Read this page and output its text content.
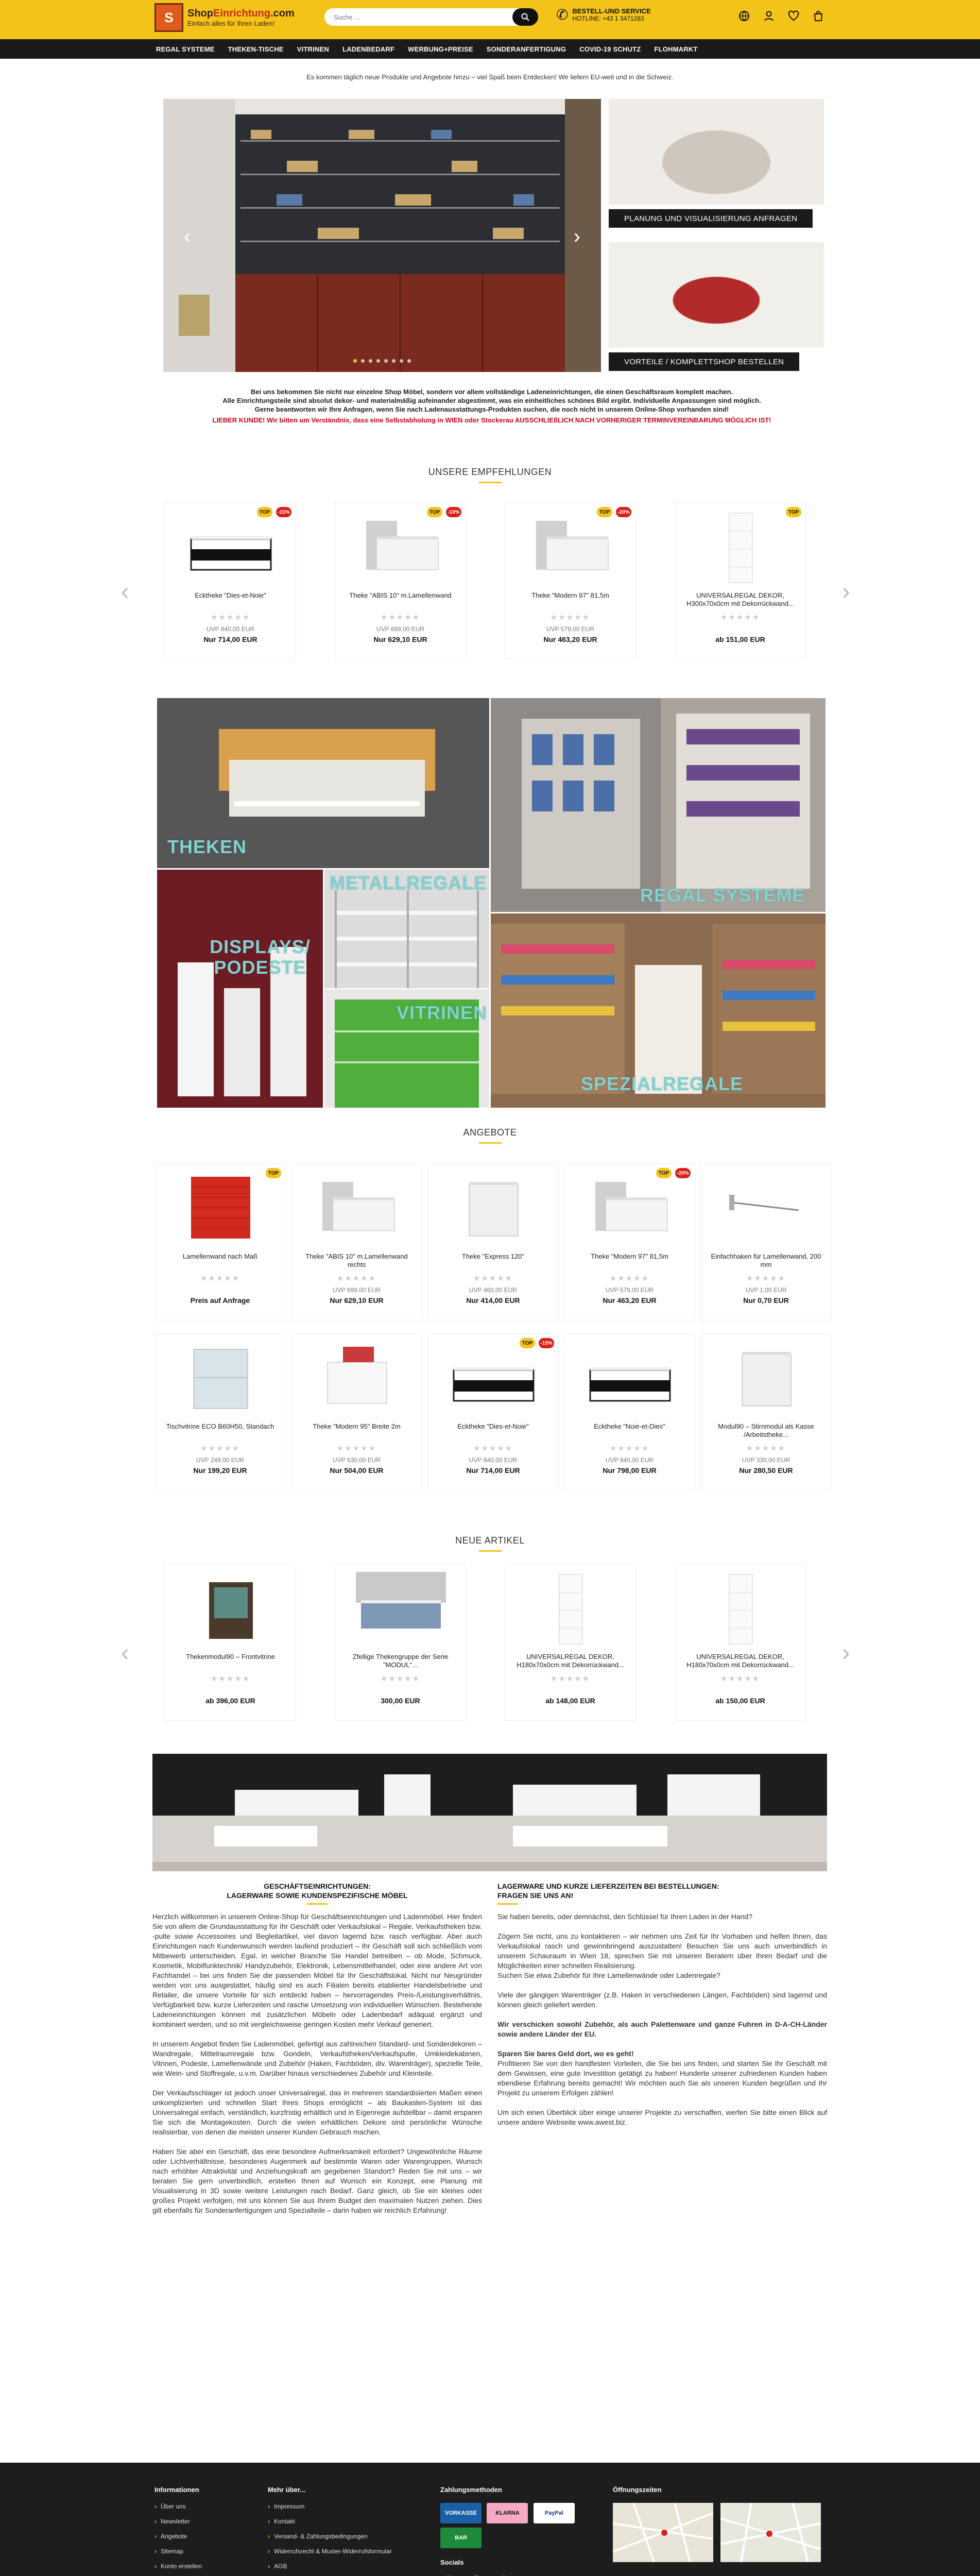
S	ShopEinrichtung.com
Einfach alles für Ihren Laden!
Suche ...
✆ BESTELL-UND SERVICE
HOTLINE: +43 1 3471283
REGAL SYSTEME	THEKEN-TISCHE	VITRINEN	LADENBEDARF	WERBUNG+PREISE	SONDERANFERTIGUNG	COVID-19 SCHUTZ	FLOHMARKT
Es kommen täglich neue Produkte und Angebote hinzu – viel Spaß beim Entdecken! Wir liefern EU-weit und in die Schweiz.
‹	›
PLANUNG UND VISUALISIERUNG ANFRAGEN
VORTEILE / KOMPLETTSHOP BESTELLEN
Bei uns bekommen Sie nicht nur einzelne Shop Möbel, sondern vor allem vollständige Ladeneinrichtungen, die einen Geschäftsraum komplett machen.
Alle Einrichtungsteile sind absolut dekor- und materialmäßig aufeinander abgestimmt, was ein einheitliches schönes Bild ergibt. Individuelle Anpassungen sind möglich.
Gerne beantworten wir Ihre Anfragen, wenn Sie nach Ladenausstattungs-Produkten suchen, die noch nicht in unserem Online-Shop vorhanden sind!
LIEBER KUNDE! Wir bitten um Verständnis, dass eine Selbstabholung in WIEN oder Stockerau AUSSCHLIEßLICH NACH VORHERIGER TERMINVEREINBARUNG MÖGLICH IST!
UNSERE EMPFEHLUNGEN
‹	›
TOP	-15%
Ecktheke "Dies-et-Noie"
★★★★★
UVP 840,00 EUR
Nur 714,00 EUR
TOP	-10%
Theke "ABIS 10" m.Lamellenwand
★★★★★
UVP 699,00 EUR
Nur 629,10 EUR
TOP	-20%
Theke "Modern 97" 81,5m
★★★★★
UVP 579,00 EUR
Nur 463,20 EUR
TOP
UNIVERSALREGAL DEKOR, H300x70x0cm mit Dekorrückwand...
★★★★★
ab 151,00 EUR
THEKEN
DISPLAYS/ PODESTE
METALLREGALE
VITRINEN
REGAL SYSTEME
SPEZIALREGALE
ANGEBOTE
TOP
Lamellenwand nach Maß
★★★★★
Preis auf Anfrage
Theke "ABIS 10" m.Lamellenwand rechts
★★★★★
UVP 699,00 EUR
Nur 629,10 EUR
Theke "Express 120"
★★★★★
UVP 460,00 EUR
Nur 414,00 EUR
TOP	-20%
Theke "Modern 97" 81,5m
★★★★★
UVP 579,00 EUR
Nur 463,20 EUR
Einfachhaken für Lamellenwand, 200 mm
★★★★★
UVP 1,00 EUR
Nur 0,70 EUR
Tischvitrine ECO B60H50, Standach
★★★★★
UVP 249,00 EUR
Nur 199,20 EUR
Theke "Modern 95" Breite 2m
★★★★★
UVP 630,00 EUR
Nur 504,00 EUR
TOP	-15%
Ecktheke "Dies-et-Noie"
★★★★★
UVP 840,00 EUR
Nur 714,00 EUR
Ecktheke "Noie-et-Dies"
★★★★★
UVP 840,00 EUR
Nur 798,00 EUR
Modul90 – Stirnmodul als Kasse /Arbeitstheke...
★★★★★
UVP 330,00 EUR
Nur 280,50 EUR
NEUE ARTIKEL
‹	›
Thekenmodul90 – Frontvitrine
★★★★★
ab 396,00 EUR
Zfellige Thekengruppe der Serie "MODUL"...
★★★★★
300,00 EUR
UNIVERSALREGAL DEKOR, H180x70x0cm mit Dekorrückwand...
★★★★★
ab 148,00 EUR
UNIVERSALREGAL DEKOR, H180x70x0cm mit Dekorrückwand...
★★★★★
ab 150,00 EUR
GESCHÄFTSEINRICHTUNGEN:
LAGERWARE SOWIE KUNDENSPEZIFISCHE MÖBEL

Herzlich willkommen in unserem Online-Shop für Geschäftseinrichtungen und Ladenmöbel. Hier finden Sie von allem die Grundausstattung für Ihr Geschäft oder Verkaufslokal – Regale, Verkaufstheken bzw. -pulte sowie Accessoires und Begleitartikel, viel davon lagernd bzw. rasch verfügbar. Aber auch Einrichtungen nach Kundenwunsch werden laufend produziert – Ihr Geschäft soll sich schließlich vom Mitbewerb unterscheiden. Egal, in welcher Branche Sie Handel betreiben – ob Mode, Schmuck, Kosmetik, Mobilfunktechnik/ Handyzubehör, Elektronik, Lebensmittelhandel, oder eine andere Art von Fachhandel – bei uns finden Sie die passenden Möbel für Ihr Geschäftslokal. Nicht nur Neugründer werden von uns ausgestattet, häufig sind es auch Filialen bereits etablierter Handelsbetriebe und Retailer, die unsere Vorteile für sich entdeckt haben – hervorragendes Preis-/Leistungsverhältnis, Verfügbarkeit bzw. kurze Lieferzeiten und rasche Umsetzung von individuellen Wünschen. Bestehende Ladeneinrichtungen können mit zusätzlichen Möbeln oder Ladenbedarf adäquat ergänzt und kombiniert werden, und so mit vergleichsweise geringen Kosten mehr Verkauf generiert.

In unserem Angebot finden Sie Ladenmöbel, gefertigt aus zahlreichen Standard- und Sonderdekoren – Wandregale, Mittelraumregale bzw. Gondeln, Verkaufstheken/Verkaufspulte, Umkleidekabinen, Vitrinen, Podeste, Lamellenwände und Zubehör (Haken, Fachböden, div. Warenträger), spezielle Teile, wie Wein- und Stoffregale, u.v.m. Darüber hinaus verschiedenes Zubehör und Kleinteile.

Der Verkaufsschlager ist jedoch unser Universalregal, das in mehreren standardisierten Maßen einen unkomplizierten und schnellen Start Ihres Shops ermöglicht – als Baukasten-System ist das Universalregal einfach, verständlich, kurzfristig erhältlich und in Eigenregie aufstellbar – damit ersparen Sie sich die Montagekosten. Durch die vielen erhältlichen Dekore sind persönliche Wünsche realisierbar, von denen die meisten unserer Kunden Gebrauch machen.

Haben Sie aber ein Geschäft, das eine besondere Aufmerksamkeit erfordert? Ungewöhnliche Räume oder Lichtverhältnisse, besonderes Augenmerk auf bestimmte Waren oder Warengruppen, Wunsch nach erhöhter Attraktivität und Anziehungskraft am gegebenen Standort? Reden Sie mit uns – wir beraten Sie gern unverbindlich, erstellen Ihnen auf Wunsch ein Konzept, eine Planung mit Visualisierung in 3D sowie weitere Leistungen nach Bedarf. Ganz gleich, ob Sie ein kleines oder großes Projekt verfolgen, mit uns können Sie aus Ihrem Budget den maximalen Nutzen ziehen. Dies gilt ebenfalls für Sonderanfertigungen und Spezialteile – darin haben wir reichlich Erfahrung!

LAGERWARE UND KURZE LIEFERZEITEN BEI BESTELLUNGEN:
FRAGEN SIE UNS AN!

Sie haben bereits, oder demnächst, den Schlüssel für Ihren Laden in der Hand?

Zögern Sie nicht, uns zu kontaktieren – wir nehmen uns Zeit für Ihr Vorhaben und helfen Ihnen, das Verkaufslokal rasch und gewinnbringend auszustatten! Besuchen Sie uns auch unverbindlich in unserem Schauraum in Wien 18, sprechen Sie mit unseren Beratern über Ihren Bedarf und die Möglichkeiten einer schnellen Realisierung.
Suchen Sie etwa Zubehör für Ihre Lamellenwände oder Ladenregale?

Viele der gängigen Warenträger (z.B. Haken in verschiedenen Längen, Fachböden) sind lagernd und können gleich geliefert werden.

Wir verschicken sowohl Zubehör, als auch Palettenware und ganze Fuhren in D-A-CH-Länder sowie andere Länder der EU.

Sparen Sie bares Geld dort, wo es geht!
Profitieren Sie von den handfesten Vorteilen, die Sie bei uns finden, und starten Sie Ihr Geschäft mit dem Gewissen, eine gute Investition getätigt zu haben! Hunderte unserer zufriedenen Kunden haben ebendiese Erfahrung bereits gemacht! Wir möchten auch Sie als unseren Kunden begrüßen und Ihr Projekt zu unserem Erfolgen zählen!

Um sich einen Überblick über einige unserer Projekte zu verschaffen, werfen Sie bitte einen Blick auf unsere andere Webseite www.awest.biz.

Informationen
› Über uns
› Newsletter
› Angebote
› Sitemap
› Konto erstellen
Mehr über...
› Impressum
› Kontakt
› Versand- & Zahlungsbedingungen
› Widerrufsrecht & Muster-Widerrufsformular
› AGB
Zahlungsmethoden
VORKASSE	KLARNA	PayPal
BAR
Socials

Öffnungszeiten
